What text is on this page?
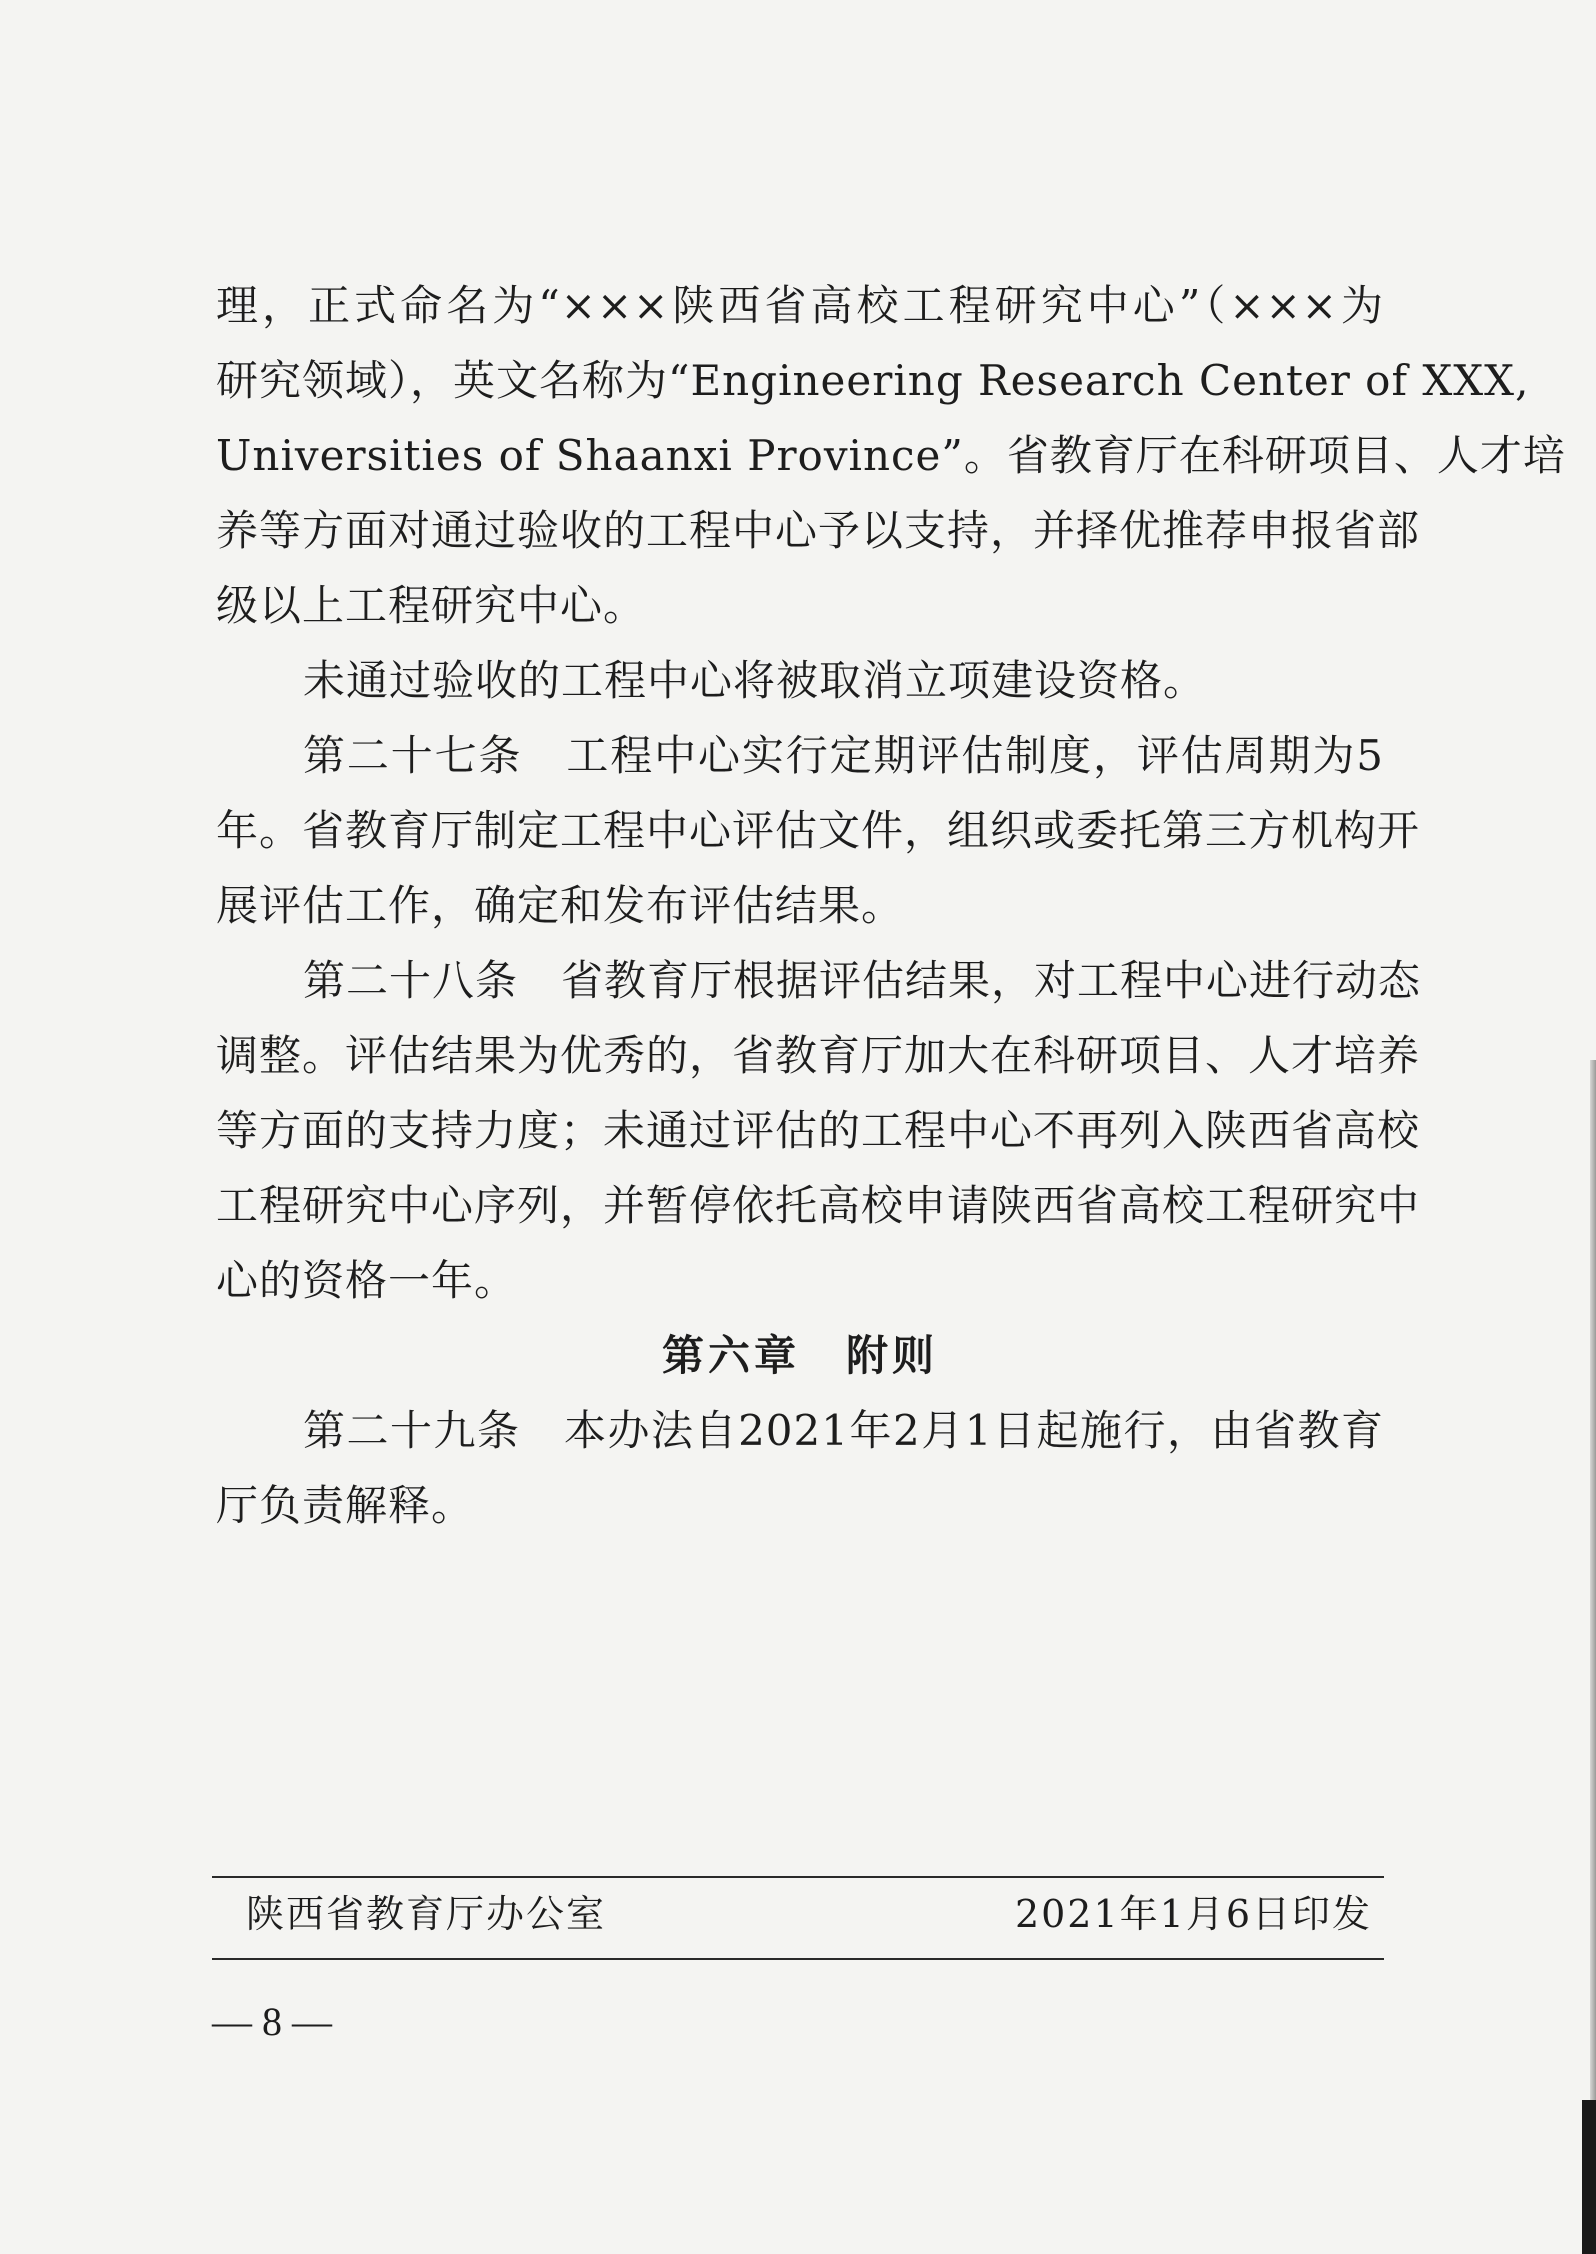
理，正式命名为“×××陕西省高校工程研究中心”（×××为
研究领域），英文名称为“Engineering Research Center of XXX,
Universities of Shaanxi Province”。省教育厅在科研项目、人才培
养等方面对通过验收的工程中心予以支持，并择优推荐申报省部
级以上工程研究中心。
未通过验收的工程中心将被取消立项建设资格。
第二十七条　工程中心实行定期评估制度，评估周期为5
年。省教育厅制定工程中心评估文件，组织或委托第三方机构开
展评估工作，确定和发布评估结果。
第二十八条　省教育厅根据评估结果，对工程中心进行动态
调整。评估结果为优秀的，省教育厅加大在科研项目、人才培养
等方面的支持力度；未通过评估的工程中心不再列入陕西省高校
工程研究中心序列，并暂停依托高校申请陕西省高校工程研究中
心的资格一年。
第六章　附则
第二十九条　本办法自2021年2月1日起施行，由省教育
厅负责解释。
陕西省教育厅办公室	2021年1月6日印发
— 8 —
